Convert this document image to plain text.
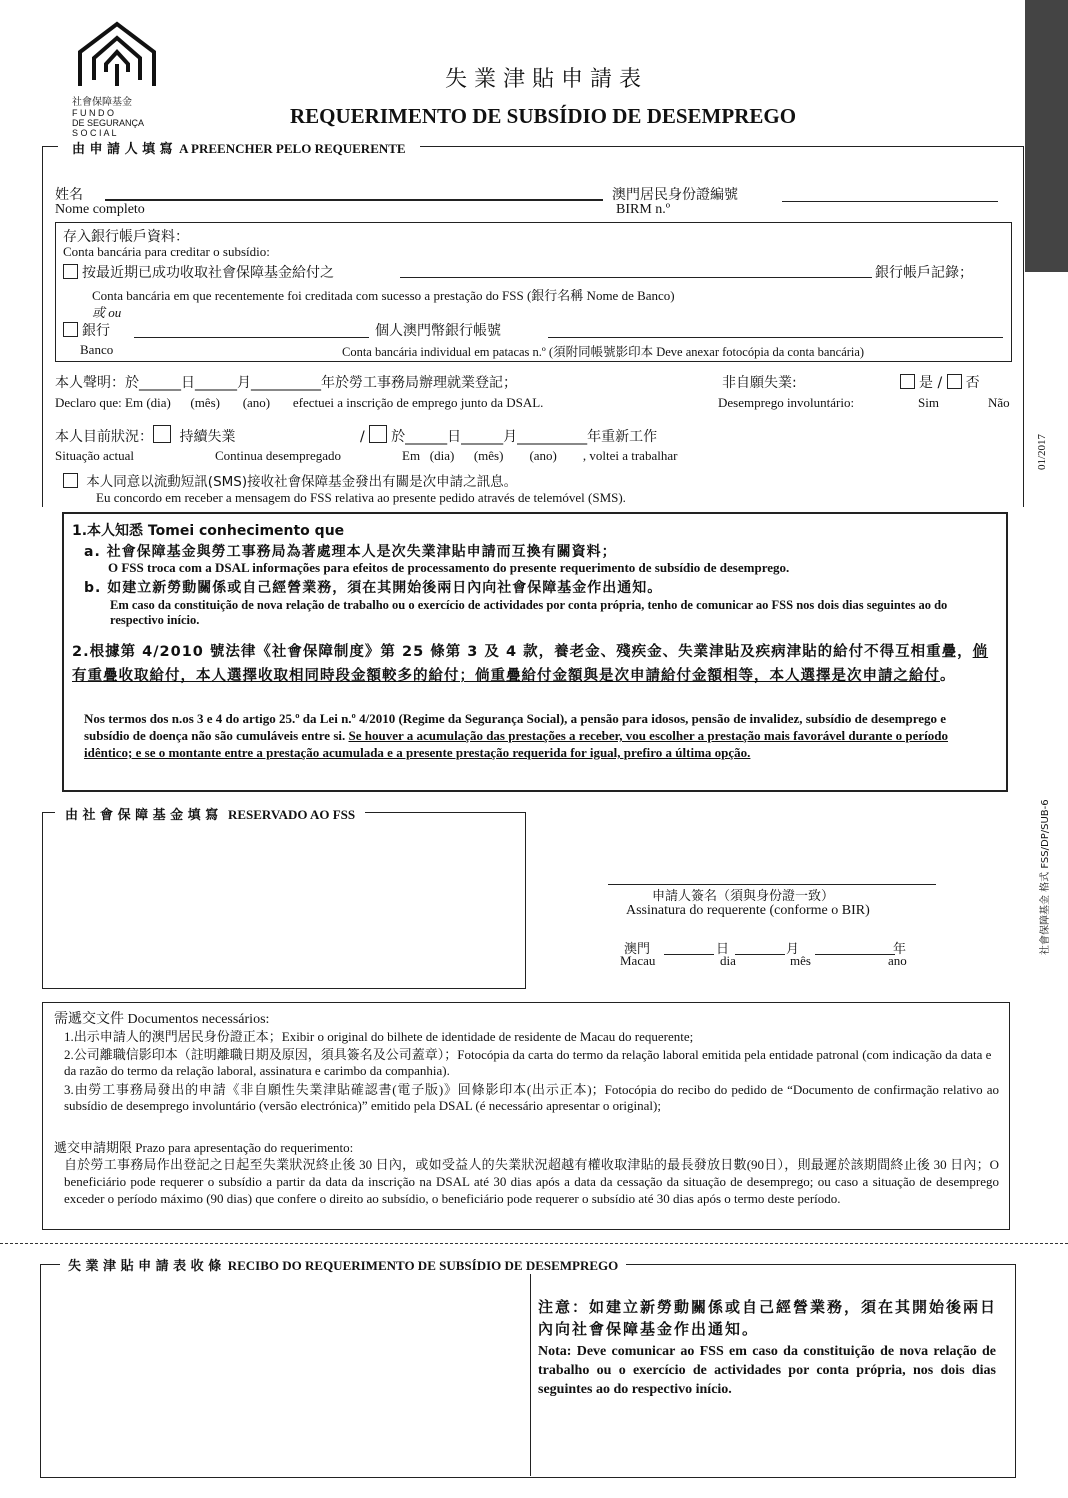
社會保障基金
F U N D O
DE SEGURANÇA
S O C I A L
失 業 津 貼 申 請 表
REQUERIMENTO DE SUBSÍDIO DE DESEMPREGO
由 申 請 人 填 寫 A PREENCHER PELO REQUERENTE
姓名
Nome completo
澳門居民身份證編號
BIRM n.º
存入銀行帳戶資料：
Conta bancária para creditar o subsídio:
按最近期已成功收取社會保障基金給付之	銀行帳戶記錄；
Conta bancária em que recentemente foi creditada com sucesso a prestação do FSS (銀行名稱 Nome de Banco)
或 ou
銀行	個人澳門幣銀行帳號
Banco	Conta bancária individual em patacas n.º (須附同帳號影印本 Deve anexar fotocópia da conta bancária)
本人聲明：於______日______月__________年於勞工事務局辦理就業登記；
Declaro que: Em (dia)      (mês)       (ano)       efectuei a inscrição de emprego junto da DSAL.
非自願失業:
Desemprego involuntário:
是 / 否
Sim	Não
本人目前狀況： 持續失業	/ 於______日______月__________年重新工作
Situação actual	Continua desempregado	Em   (dia)      (mês)        (ano)        , voltei a trabalhar
本人同意以流動短訊(SMS)接收社會保障基金發出有關是次申請之訊息。
Eu concordo em receber a mensagem do FSS relativa ao presente pedido através de telemóvel (SMS).
1.本人知悉 Tomei conhecimento que
a. 社會保障基金與勞工事務局為著處理本人是次失業津貼申請而互換有關資料；
O FSS troca com a DSAL informações para efeitos de processamento do presente requerimento de subsídio de desemprego.
b. 如建立新勞動關係或自己經營業務，須在其開始後兩日內向社會保障基金作出通知。
Em caso da constituição de nova relação de trabalho ou o exercício de actividades por conta própria, tenho de comunicar ao FSS nos dois dias seguintes ao do respectivo início.
2.根據第 4/2010 號法律《社會保障制度》第 25 條第 3 及 4 款，養老金、殘疾金、失業津貼及疾病津貼的給付不得互相重疊，倘有重疊收取給付，本人選擇收取相同時段金額較多的給付；倘重疊給付金額與是次申請給付金額相等，本人選擇是次申請之給付。
Nos termos dos n.os 3 e 4 do artigo 25.º da Lei n.º 4/2010 (Regime da Segurança Social), a pensão para idosos, pensão de invalidez, subsídio de desemprego e subsídio de doença não são cumuláveis entre si. Se houver a acumulação das prestações a receber, vou escolher a prestação mais favorável durante o período idêntico; e se o montante entre a prestação acumulada e a presente prestação requerida for igual, prefiro a última opção.
由 社 會 保 障 基 金 填 寫 RESERVADO AO FSS
申請人簽名（須與身份證一致）
Assinatura do requerente (conforme o BIR)
澳門
Macau
日
dia
月
mês
年
ano
需遞交文件 Documentos necessários:
1.出示申請人的澳門居民身份證正本；Exibir o original do bilhete de identidade de residente de Macau do requerente;
2.公司離職信影印本（註明離職日期及原因，須具簽名及公司蓋章）；Fotocópia da carta do termo da relação laboral emitida pela entidade patronal (com indicação da data e da razão do termo da relação laboral, assinatura e carimbo da companhia).
3.由勞工事務局發出的申請《非自願性失業津貼確認書(電子版)》回條影印本(出示正本)；Fotocópia do recibo do pedido de “Documento de confirmação relativo ao subsídio de desemprego involuntário (versão electrónica)” emitido pela DSAL (é necessário apresentar o original);
遞交申請期限 Prazo para apresentação do requerimento:
自於勞工事務局作出登記之日起至失業狀況終止後 30 日內，或如受益人的失業狀況超越有權收取津貼的最長發放日數(90日），則最遲於該期間終止後 30 日內；O beneficiário pode requerer o subsídio a partir da data da inscrição na DSAL até 30 dias após a data da cessação da situação de desemprego; ou caso a situação de desemprego exceder o período máximo (90 dias) que confere o direito ao subsídio, o beneficiário pode requerer o subsídio até 30 dias após o termo deste período.
失 業 津 貼 申 請 表 收 條 RECIBO DO REQUERIMENTO DE SUBSÍDIO DE DESEMPREGO
注意：如建立新勞動關係或自己經營業務，須在其開始後兩日內向社會保障基金作出通知。
Nota: Deve comunicar ao FSS em caso da constituição de nova relação de trabalho ou o exercício de actividades por conta própria, nos dois dias seguintes ao do respectivo início.
01/2017
社會保障基金 格式 FSS/DP/SUB-6
